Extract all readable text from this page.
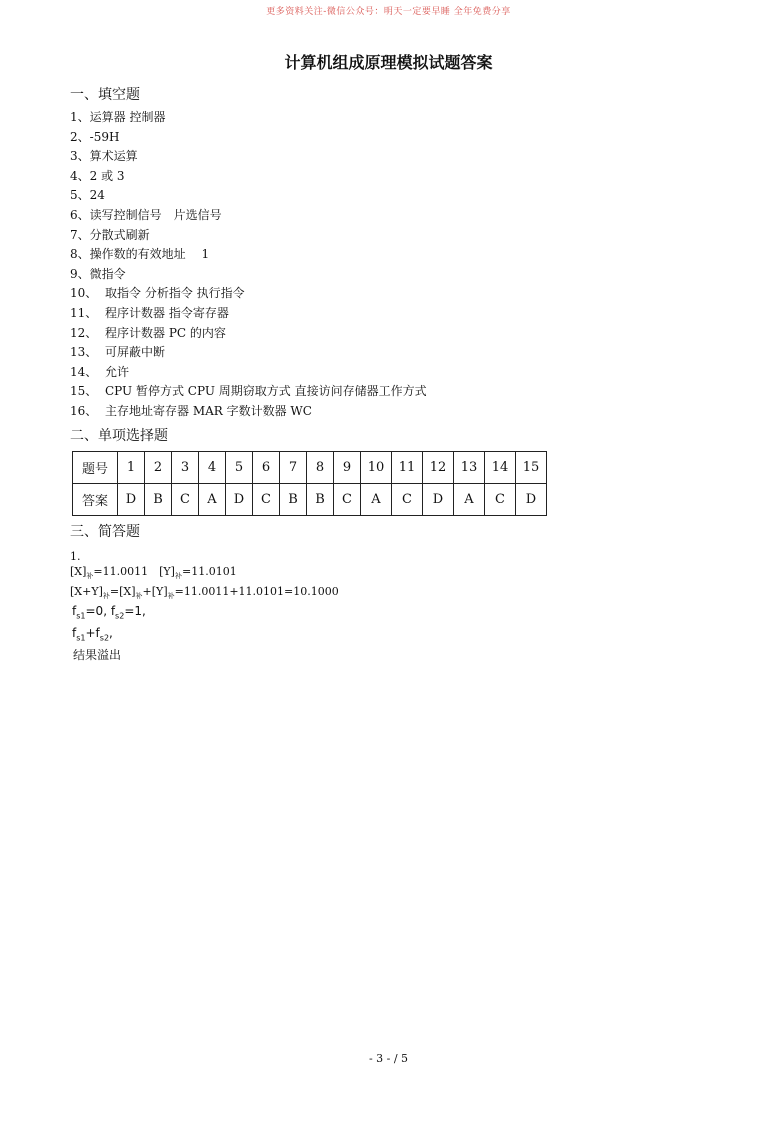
更多资料关注-微信公众号：明天一定要早睡 全年免费分享
计算机组成原理模拟试题答案
一、填空题
1、运算器 控制器
2、-59H
3、算术运算
4、2 或 3
5、24
6、读写控制信号　片选信号
7、分散式刷新
8、操作数的有效地址　 1
9、微指令
10、 取指令 分析指令 执行指令
11、 程序计数器 指令寄存器
12、 程序计数器 PC 的内容
13、 可屏蔽中断
14、 允许
15、 CPU 暂停方式 CPU 周期窃取方式 直接访问存储器工作方式
16、 主存地址寄存器 MAR 字数计数器 WC
二、单项选择题
题号	1	2	3	4	5	6	7	8	9	10	11	12	13	14	15
答案	D	B	C	A	D	C	B	B	C	A	C	D	A	C	D
三、简答题
1.
$[X]_补=11.0011$　$[Y]_补=11.0101$
$[X+Y]_补=[X]_补+[Y]_补=11.0011+11.0101=10.1000$
$f_{s1}=0$, $f_{s2}=1$,
$f_{s1}+f_{s2}$,
结果溢出
- 3 - / 5
